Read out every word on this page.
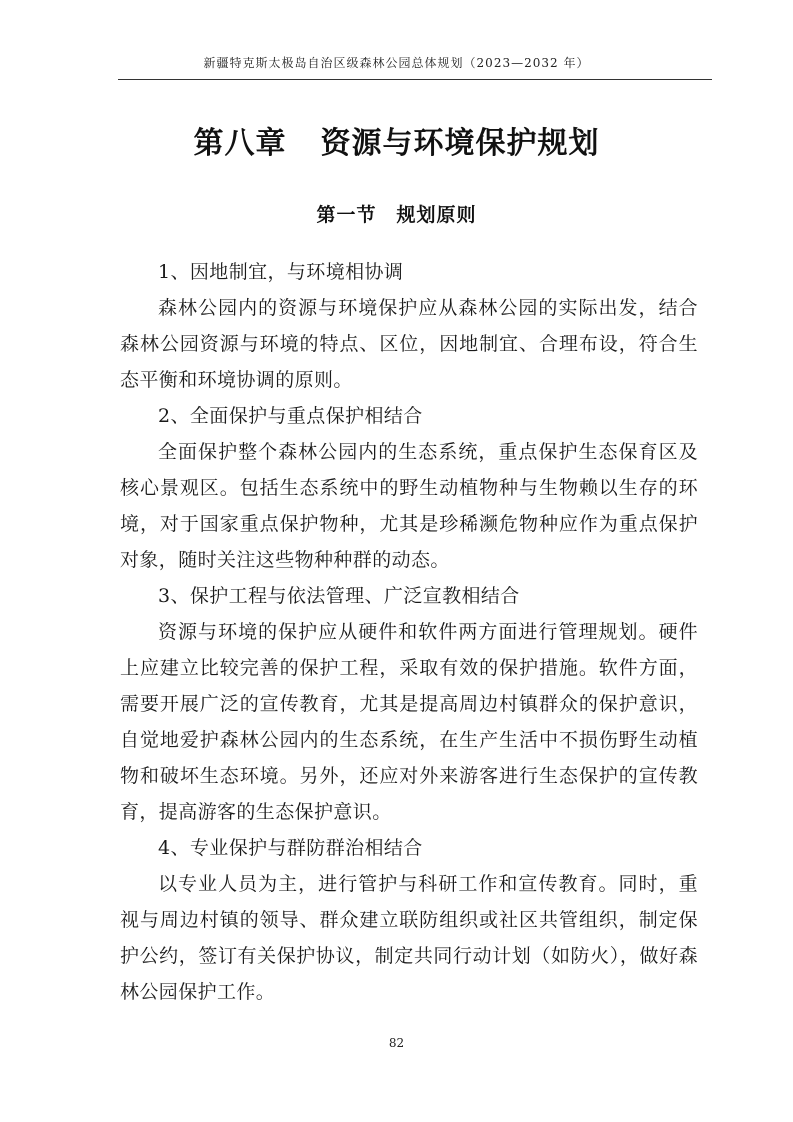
新疆特克斯太极岛自治区级森林公园总体规划（2023—2032 年）
第八章 资源与环境保护规划
第一节 规划原则

1、因地制宜，与环境相协调

森林公园内的资源与环境保护应从森林公园的实际出发，结合森林公园资源与环境的特点、区位，因地制宜、合理布设，符合生态平衡和环境协调的原则。

2、全面保护与重点保护相结合

全面保护整个森林公园内的生态系统，重点保护生态保育区及核心景观区。包括生态系统中的野生动植物种与生物赖以生存的环境，对于国家重点保护物种，尤其是珍稀濒危物种应作为重点保护对象，随时关注这些物种种群的动态。

3、保护工程与依法管理、广泛宣教相结合

资源与环境的保护应从硬件和软件两方面进行管理规划。硬件上应建立比较完善的保护工程，采取有效的保护措施。软件方面，需要开展广泛的宣传教育，尤其是提高周边村镇群众的保护意识，自觉地爱护森林公园内的生态系统，在生产生活中不损伤野生动植物和破坏生态环境。另外，还应对外来游客进行生态保护的宣传教育，提高游客的生态保护意识。

4、专业保护与群防群治相结合

以专业人员为主，进行管护与科研工作和宣传教育。同时，重视与周边村镇的领导、群众建立联防组织或社区共管组织，制定保护公约，签订有关保护协议，制定共同行动计划（如防火），做好森林公园保护工作。

82
